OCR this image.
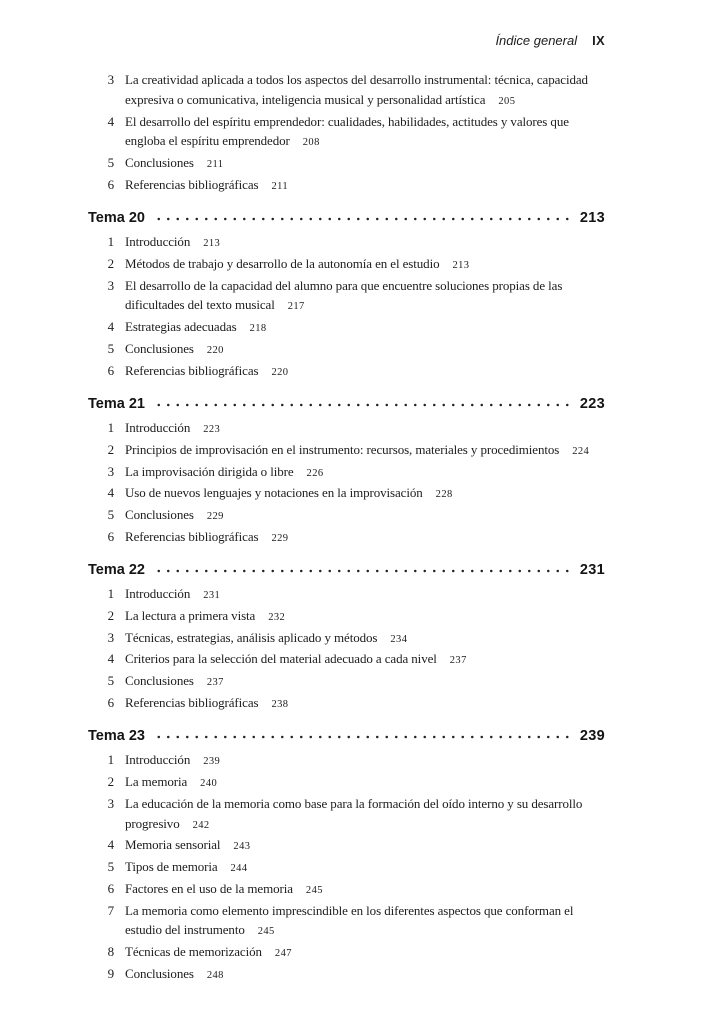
Índice general IX
3 La creatividad aplicada a todos los aspectos del desarrollo instrumental: técnica, capacidad expresiva o comunicativa, inteligencia musical y personalidad artística 205

4 El desarrollo del espíritu emprendedor: cualidades, habilidades, actitudes y valores que engloba el espíritu emprendedor 208

5 Conclusiones 211

6 Referencias bibliográficas 211

Tema 20	213
1 Introducción 213

2 Métodos de trabajo y desarrollo de la autonomía en el estudio 213

3 El desarrollo de la capacidad del alumno para que encuentre soluciones propias de las dificultades del texto musical 217

4 Estrategias adecuadas 218

5 Conclusiones 220

6 Referencias bibliográficas 220

Tema 21	223
1 Introducción 223

2 Principios de improvisación en el instrumento: recursos, materiales y procedimientos 224

3 La improvisación dirigida o libre 226

4 Uso de nuevos lenguajes y notaciones en la improvisación 228

5 Conclusiones 229

6 Referencias bibliográficas 229

Tema 22	231
1 Introducción 231

2 La lectura a primera vista 232

3 Técnicas, estrategias, análisis aplicado y métodos 234

4 Criterios para la selección del material adecuado a cada nivel 237

5 Conclusiones 237

6 Referencias bibliográficas 238

Tema 23	239
1 Introducción 239

2 La memoria 240

3 La educación de la memoria como base para la formación del oído interno y su desarrollo progresivo 242

4 Memoria sensorial 243

5 Tipos de memoria 244

6 Factores en el uso de la memoria 245

7 La memoria como elemento imprescindible en los diferentes aspectos que conforman el estudio del instrumento 245

8 Técnicas de memorización 247

9 Conclusiones 248
